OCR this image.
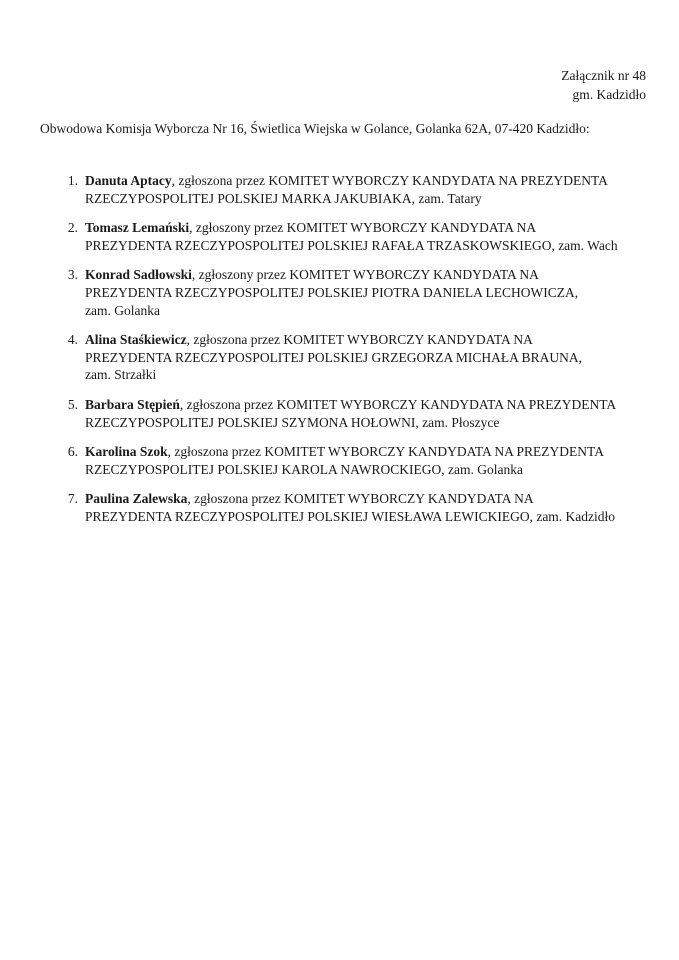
Załącznik nr 48
gm. Kadzidło
Obwodowa Komisja Wyborcza Nr 16, Świetlica Wiejska w Golance, Golanka 62A, 07-420 Kadzidło:
1. Danuta Aptacy, zgłoszona przez KOMITET WYBORCZY KANDYDATA NA PREZYDENTA
RZECZYPOSPOLITEJ POLSKIEJ MARKA JAKUBIAKA, zam. Tatary
2. Tomasz Lemański, zgłoszony przez KOMITET WYBORCZY KANDYDATA NA
PREZYDENTA RZECZYPOSPOLITEJ POLSKIEJ RAFAŁA TRZASKOWSKIEGO, zam. Wach
3. Konrad Sadłowski, zgłoszony przez KOMITET WYBORCZY KANDYDATA NA
PREZYDENTA RZECZYPOSPOLITEJ POLSKIEJ PIOTRA DANIELA LECHOWICZA,
zam. Golanka
4. Alina Staśkiewicz, zgłoszona przez KOMITET WYBORCZY KANDYDATA NA
PREZYDENTA RZECZYPOSPOLITEJ POLSKIEJ GRZEGORZA MICHAŁA BRAUNA,
zam. Strzałki
5. Barbara Stępień, zgłoszona przez KOMITET WYBORCZY KANDYDATA NA PREZYDENTA
RZECZYPOSPOLITEJ POLSKIEJ SZYMONA HOŁOWNI, zam. Płoszyce
6. Karolina Szok, zgłoszona przez KOMITET WYBORCZY KANDYDATA NA PREZYDENTA
RZECZYPOSPOLITEJ POLSKIEJ KAROLA NAWROCKIEGO, zam. Golanka
7. Paulina Zalewska, zgłoszona przez KOMITET WYBORCZY KANDYDATA NA
PREZYDENTA RZECZYPOSPOLITEJ POLSKIEJ WIESŁAWA LEWICKIEGO, zam. Kadzidło
